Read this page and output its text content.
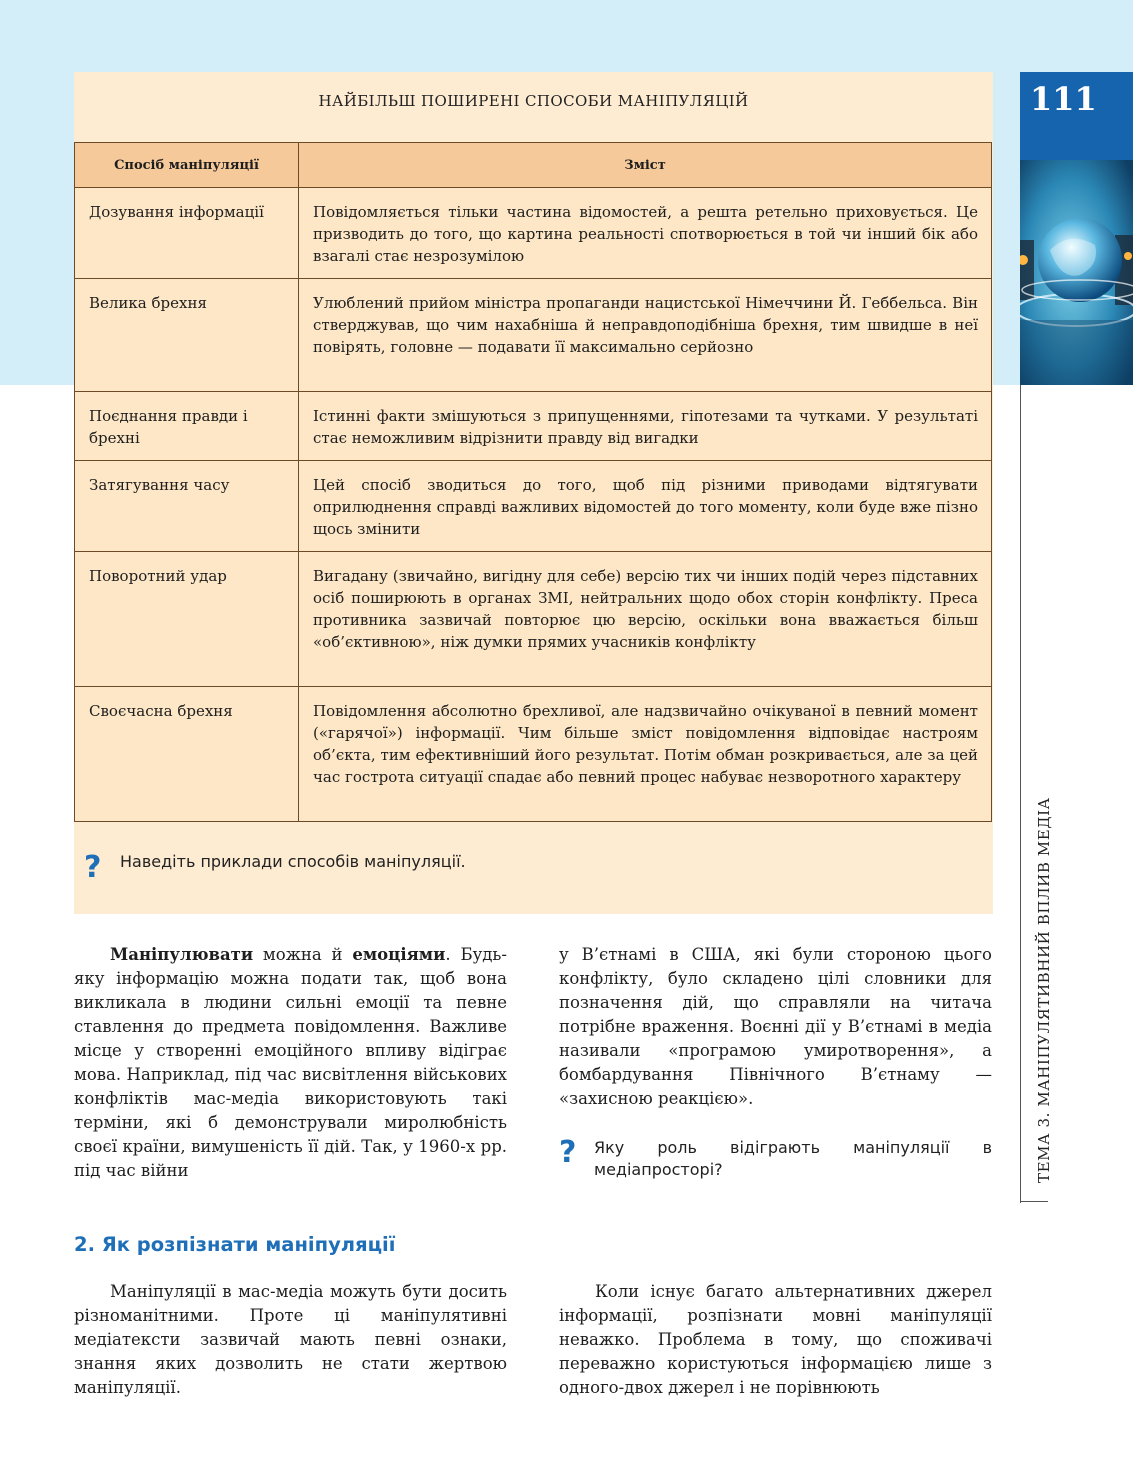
111
ТЕМА 3. МАНІПУЛЯТИВНИЙ ВПЛИВ МЕДІА
НАЙБІЛЬШ ПОШИРЕНІ СПОСОБИ МАНІПУЛЯЦІЙ
Спосіб маніпуляції	Зміст
Дозування інформації	Повідомляється тільки частина відомостей, а решта ретельно приховується. Це призводить до того, що картина реальності спотворюється в той чи інший бік або взагалі стає незрозумілою
Велика брехня	Улюблений прийом міністра пропаганди нацистської Німеччини Й. Геббельса. Він стверджував, що чим нахабніша й неправдоподібніша брехня, тим швидше в неї повірять, головне — подавати її максимально серйозно
Поєднання правди і брехні	Істинні факти змішуються з припущеннями, гіпотезами та чутками. У результаті стає неможливим відрізнити правду від вигадки
Затягування часу	Цей спосіб зводиться до того, щоб під різними приводами відтягувати оприлюднення справді важливих відомостей до того моменту, коли буде вже пізно щось змінити
Поворотний удар	Вигадану (звичайно, вигідну для себе) версію тих чи інших подій через підставних осіб поширюють в органах ЗМІ, нейтральних щодо обох сторін конфлікту. Преса противника зазвичай повторює цю версію, оскільки вона вважається більш «об’єктивною», ніж думки прямих учасників конфлікту
Своєчасна брехня	Повідомлення абсолютно брехливої, але надзвичайно очікуваної в певний момент («гарячої») інформації. Чим більше зміст повідомлення відповідає настроям об’єкта, тим ефективніший його результат. Потім обман розкривається, але за цей час гострота ситуації спадає або певний процес набуває незворотного характеру
? Наведіть приклади способів маніпуляції.

Маніпулювати можна й емоціями. Будь-яку інформацію можна подати так, щоб вона викликала в людини сильні емоції та певне ставлення до предмета повідомлення. Важливе місце у створенні емоційного впливу відіграє мова. Наприклад, під час висвітлення військових конфліктів мас-медіа використовують такі терміни, які б демонстрували миролюбність своєї країни, вимушеність її дій. Так, у 1960-х рр. під час війни

у В’єтнамі в США, які були стороною цього конфлікту, було складено цілі словники для позначення дій, що справляли на читача потрібне враження. Воєнні дії у В’єтнамі в медіа називали «програмою умиротворення», а бомбардування Північного В’єтнаму — «захисною реакцією».

? Яку роль відіграють маніпуляції в медіапросторі?
2. Як розпізнати маніпуляції

Маніпуляції в мас-медіа можуть бути досить різноманітними. Проте ці маніпулятивні медіатексти зазвичай мають певні ознаки, знання яких дозволить не стати жертвою маніпуляції.

Коли існує багато альтернативних джерел інформації, розпізнати мовні маніпуляції неважко. Проблема в тому, що споживачі переважно користуються інформацією лише з одного-двох джерел і не порівнюють
